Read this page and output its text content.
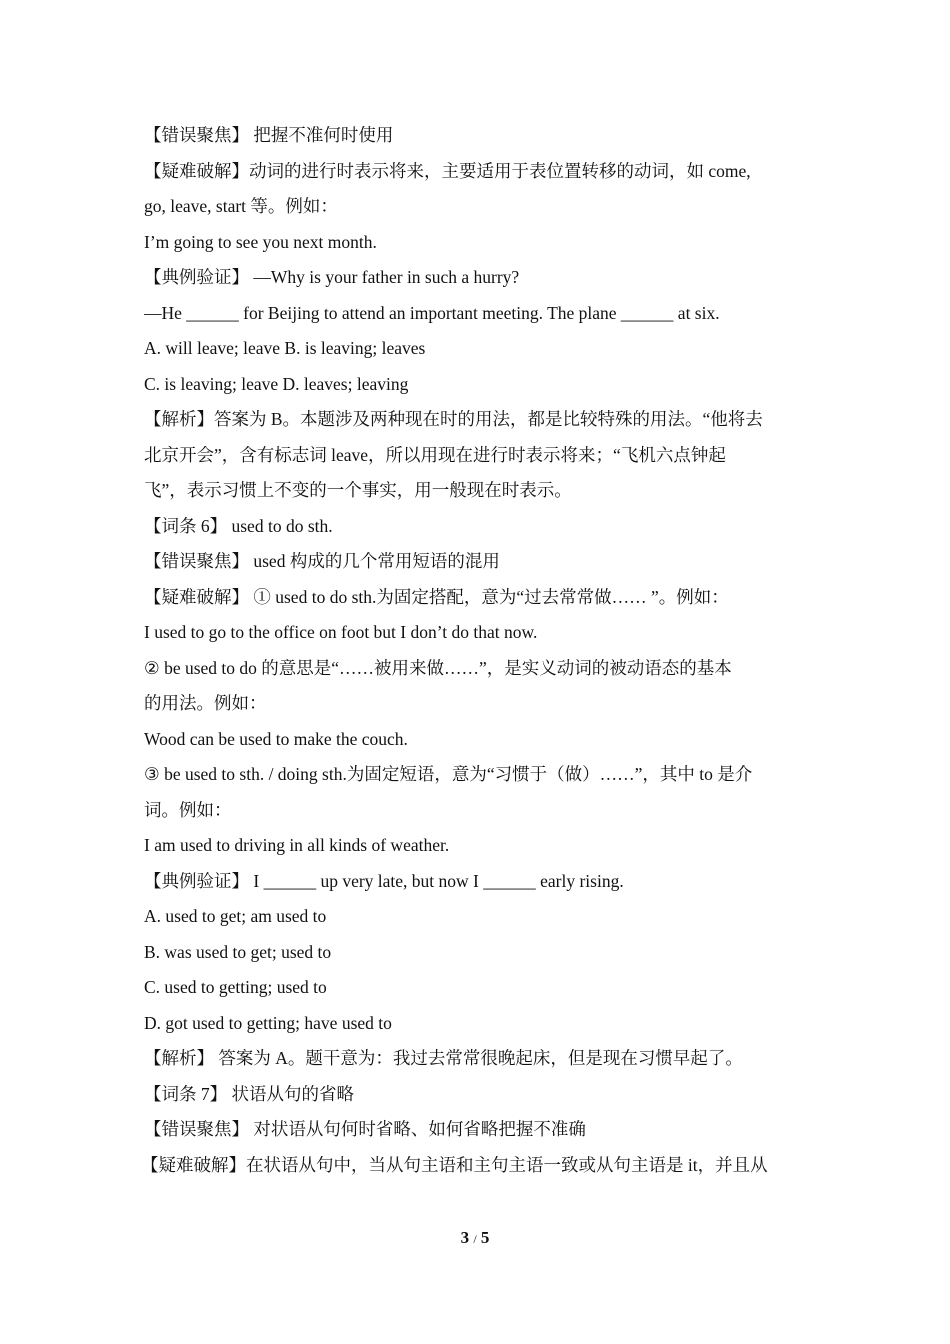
【错误聚焦】 把握不准何时使用
【疑难破解】动词的进行时表示将来，主要适用于表位置转移的动词，如 come,
go, leave, start 等。例如：
I’m going to see you next month.
【典例验证】 —Why is your father in such a hurry?
—He ______ for Beijing to attend an important meeting. The plane ______ at six.
A. will leave; leave B. is leaving; leaves
C. is leaving; leave D. leaves; leaving
【解析】答案为 B。本题涉及两种现在时的用法，都是比较特殊的用法。“他将去
北京开会”，含有标志词 leave，所以用现在进行时表示将来；“飞机六点钟起
飞”，表示习惯上不变的一个事实，用一般现在时表示。
【词条 6】 used to do sth.
【错误聚焦】 used 构成的几个常用短语的混用
【疑难破解】 ① used to do sth.为固定搭配，意为“过去常常做…… ”。例如：
I used to go to the office on foot but I don’t do that now.
② be used to do 的意思是“……被用来做……”，是实义动词的被动语态的基本
的用法。例如：
Wood can be used to make the couch.
③ be used to sth. / doing sth.为固定短语，意为“习惯于（做）……”，其中 to 是介
词。例如：
I am used to driving in all kinds of weather.
【典例验证】 I ______ up very late, but now I ______ early rising.
A. used to get; am used to
B. was used to get; used to
C. used to getting; used to
D. got used to getting; have used to
【解析】 答案为 A。题干意为：我过去常常很晚起床，但是现在习惯早起了。
【词条 7】 状语从句的省略
【错误聚焦】 对状语从句何时省略、如何省略把握不准确
【疑难破解】在状语从句中，当从句主语和主句主语一致或从句主语是 it，并且从
3 / 5
